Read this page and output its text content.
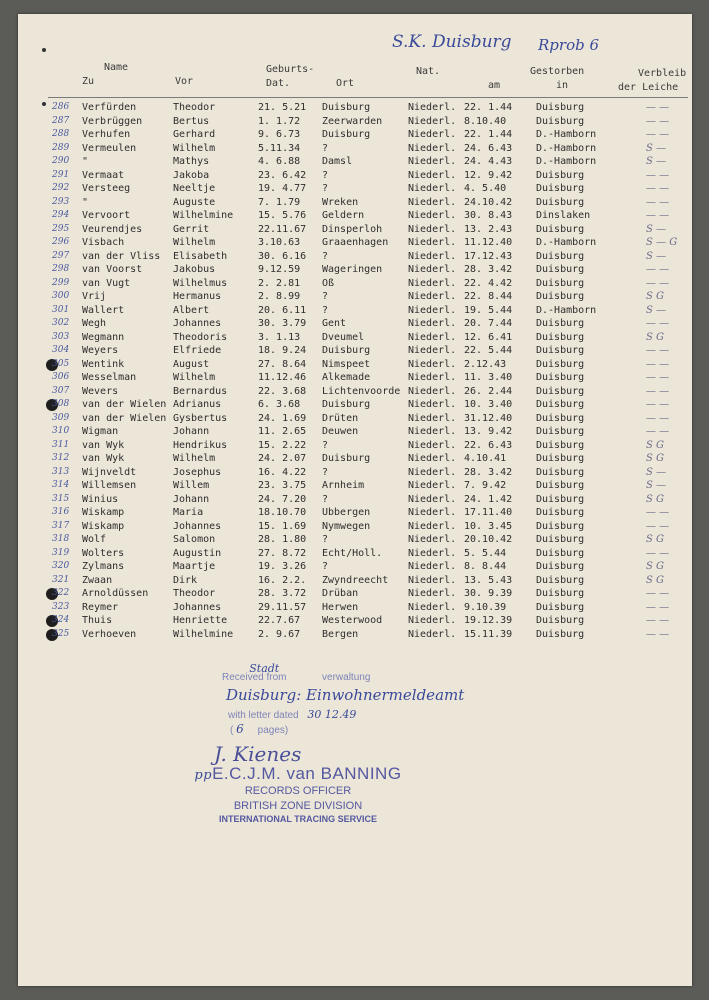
S.K. Duisburg Rprob 6
Name
Zu	Vor
Geburts-
Dat.	Ort
Nat.
am
Gestorben
in
Verbleib
der Leiche
286 Verfürden	Theodor	21. 5.21 Duisburg	Niederl. 22. 1.44 Duisburg	— —
287 Verbrüggen	Bertus	1. 1.72 Zeerwarden	Niederl. 8.10.40	Duisburg	— —
288 Verhufen	Gerhard	9. 6.73 Duisburg	Niederl. 22. 1.44 D.-Hamborn	— —
289 Vermeulen	Wilhelm	5.11.34 ?	Niederl. 24. 6.43 D.-Hamborn	S —
290 "	Mathys	4. 6.88 Damsl	Niederl. 24. 4.43 D.-Hamborn	S —
291 Vermaat	Jakoba	23. 6.42 ?	Niederl. 12. 9.42 Duisburg	— —
292 Versteeg	Neeltje	19. 4.77 ?	Niederl. 4. 5.40	Duisburg	— —
293 "	Auguste	7. 1.79 Wreken	Niederl. 24.10.42 Duisburg	— —
294 Vervoort	Wilhelmine 15. 5.76 Geldern	Niederl. 30. 8.43 Dinslaken	— —
295 Veurendjes	Gerrit	22.11.67 Dinsperloh	Niederl. 13. 2.43 Duisburg	S —
296 Visbach	Wilhelm	3.10.63 Graaenhagen Niederl. 11.12.40 D.-Hamborn	S — G
297 van der Vliss Elisabeth	30. 6.16 ?	Niederl. 17.12.43 Duisburg	S —
298 van Voorst	Jakobus	9.12.59 Wageringen	Niederl. 28. 3.42 Duisburg	— —
299 van Vugt	Wilhelmus	2. 2.81 Oß	Niederl. 22. 4.42 Duisburg	— —
300 Vrij	Hermanus	2. 8.99 ?	Niederl. 22. 8.44 Duisburg	S G
301 Wallert	Albert	20. 6.11 ?	Niederl. 19. 5.44 D.-Hamborn	S —
302 Wegh	Johannes	30. 3.79 Gent	Niederl. 20. 7.44 Duisburg	— —
303 Wegmann	Theodoris	3. 1.13 Dveumel	Niederl. 12. 6.41 Duisburg	S G
304 Weyers	Elfriede	18. 9.24 Duisburg	Niederl. 22. 5.44 Duisburg	— —
305 Wentink	August	27. 8.64 Nimspeet	Niederl. 2.12.43	Duisburg	— —
306 Wesselman	Wilhelm	11.12.46 Alkemade	Niederl. 11. 3.40 Duisburg	— —
307 Wevers	Bernardus	22. 3.68 Lichtenvoorde Niederl. 26. 2.44 Duisburg	— —
308 van der Wielen Adrianus	6. 3.68 Duisburg	Niederl. 10. 3.40 Duisburg	— —
309 van der Wielen Gysbertus	24. 1.69 Drüten	Niederl. 31.12.40 Duisburg	— —
310 Wigman	Johann	11. 2.65 Deuwen	Niederl. 13. 9.42 Duisburg	— —
311 van Wyk	Hendrikus	15. 2.22 ?	Niederl. 22. 6.43 Duisburg	S G
312 van Wyk	Wilhelm	24. 2.07 Duisburg	Niederl. 4.10.41	Duisburg	S G
313 Wijnveldt	Josephus	16. 4.22 ?	Niederl. 28. 3.42 Duisburg	S —
314 Willemsen	Willem	23. 3.75 Arnheim	Niederl. 7. 9.42	Duisburg	S —
315 Winius	Johann	24. 7.20 ?	Niederl. 24. 1.42 Duisburg	S G
316 Wiskamp	Maria	18.10.70 Ubbergen	Niederl. 17.11.40 Duisburg	— —
317 Wiskamp	Johannes	15. 1.69 Nymwegen	Niederl. 10. 3.45 Duisburg	— —
318 Wolf	Salomon	28. 1.80 ?	Niederl. 20.10.42 Duisburg	S G
319 Wolters	Augustin	27. 8.72 Echt/Holl.	Niederl. 5. 5.44	Duisburg	— —
320 Zylmans	Maartje	19. 3.26 ?	Niederl. 8. 8.44	Duisburg	S G
321 Zwaan	Dirk	16. 2.2. Zwyndreecht Niederl. 13. 5.43 Duisburg	S G
322 Arnoldüssen Theodor	28. 3.72 Drüban	Niederl. 30. 9.39 Duisburg	— —
323 Reymer	Johannes	29.11.57 Herwen	Niederl. 9.10.39	Duisburg	— —
324 Thuis	Henriette	22.7.67 Westerwood	Niederl. 19.12.39 Duisburg	— —
325 Verhoeven	Wilhelmine 2. 9.67 Bergen	Niederl. 15.11.39 Duisburg	— —
Received from Stadt verwaltung
Duisburg: Einwohnermeldeamt
with letter dated 30 12.49
( 6 pages)
J. Kienes
ppE.C.J.M. van BANNING
RECORDS OFFICER
BRITISH ZONE DIVISION
INTERNATIONAL TRACING SERVICE
